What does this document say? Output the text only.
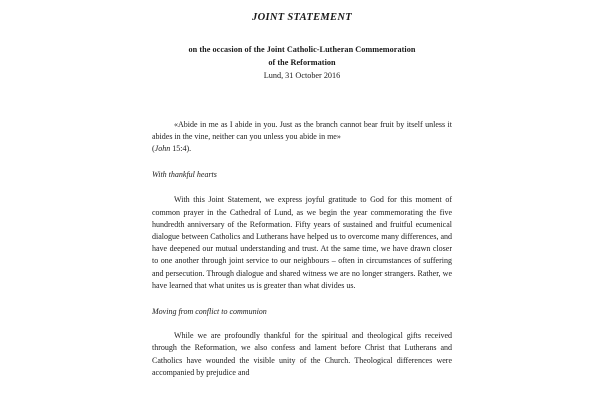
JOINT STATEMENT
on the occasion of the Joint Catholic-Lutheran Commemoration
of the Reformation
Lund, 31 October 2016
«Abide in me as I abide in you. Just as the branch cannot bear fruit by itself unless it abides in the vine, neither can you unless you abide in me»
(John 15:4).
With thankful hearts

With this Joint Statement, we express joyful gratitude to God for this moment of common prayer in the Cathedral of Lund, as we begin the year commemorating the five hundredth anniversary of the Reformation. Fifty years of sustained and fruitful ecumenical dialogue between Catholics and Lutherans have helped us to overcome many differences, and have deepened our mutual understanding and trust. At the same time, we have drawn closer to one another through joint service to our neighbours – often in circumstances of suffering and persecution. Through dialogue and shared witness we are no longer strangers. Rather, we have learned that what unites us is greater than what divides us.

Moving from conflict to communion

While we are profoundly thankful for the spiritual and theological gifts received through the Reformation, we also confess and lament before Christ that Lutherans and Catholics have wounded the visible unity of the Church. Theological differences were accompanied by prejudice and
